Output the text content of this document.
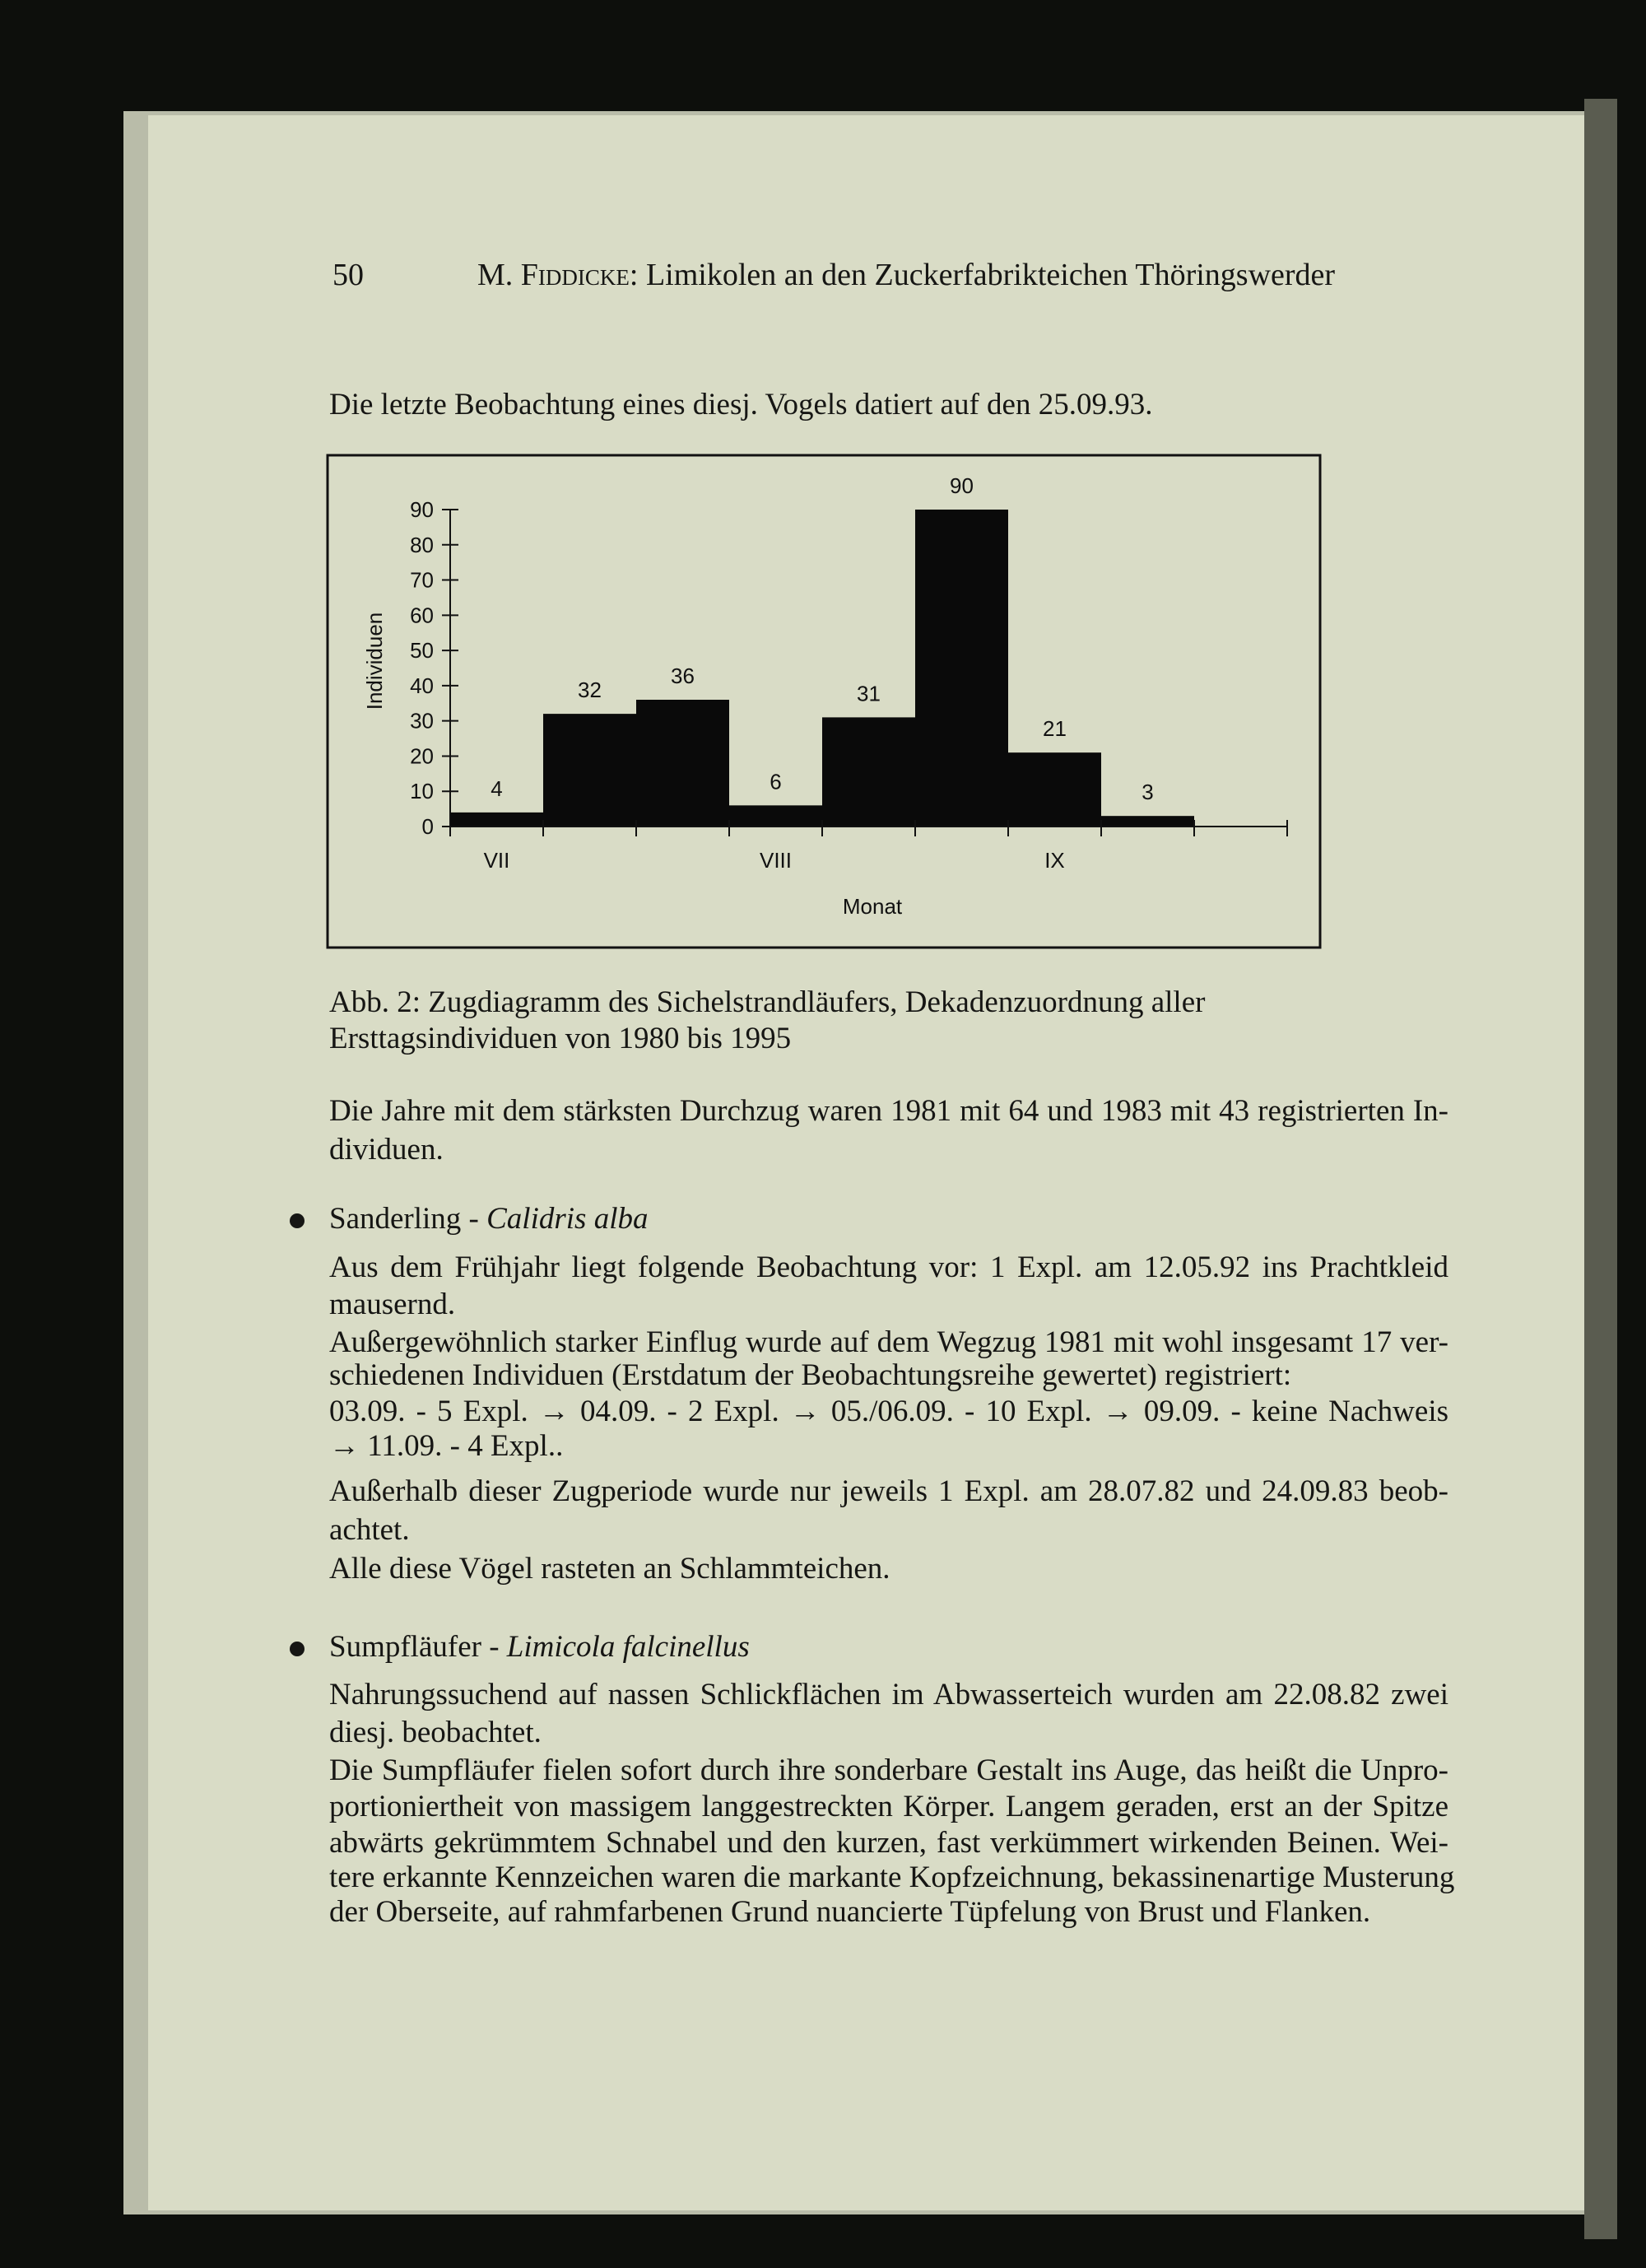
50	M. Fiddicke: Limikolen an den Zuckerfabrikteichen Thöringswerder
Die letzte Beobachtung eines diesj. Vogels datiert auf den 25.09.93.
4
32
36
6
31
90
21
3
0
10
20
30
40
50
60
70
80
90
VII	VIII	IX
Monat
Individuen
Abb. 2: Zugdiagramm des Sichelstrandläufers, Dekadenzuordnung aller
Ersttagsindividuen von 1980 bis 1995
Die Jahre mit dem stärksten Durchzug waren 1981 mit 64 und 1983 mit 43 registrierten In-
dividuen.
Sanderling - Calidris alba
Aus dem Frühjahr liegt folgende Beobachtung vor: 1 Expl. am 12.05.92 ins Prachtkleid
mausernd.
Außergewöhnlich starker Einflug wurde auf dem Wegzug 1981 mit wohl insgesamt 17 ver-
schiedenen Individuen (Erstdatum der Beobachtungsreihe gewertet) registriert:
03.09. - 5 Expl. → 04.09. - 2 Expl. → 05./06.09. - 10 Expl. → 09.09. - keine Nachweis
→ 11.09. - 4 Expl..
Außerhalb dieser Zugperiode wurde nur jeweils 1 Expl. am 28.07.82 und 24.09.83 beob-
achtet.
Alle diese Vögel rasteten an Schlammteichen.
Sumpfläufer - Limicola falcinellus
Nahrungssuchend auf nassen Schlickflächen im Abwasserteich wurden am 22.08.82 zwei
diesj. beobachtet.
Die Sumpfläufer fielen sofort durch ihre sonderbare Gestalt ins Auge, das heißt die Unpro-
portioniertheit von massigem langgestreckten Körper. Langem geraden, erst an der Spitze
abwärts gekrümmtem Schnabel und den kurzen, fast verkümmert wirkenden Beinen. Wei-
tere erkannte Kennzeichen waren die markante Kopfzeichnung, bekassinenartige Musterung
der Oberseite, auf rahmfarbenen Grund nuancierte Tüpfelung von Brust und Flanken.
